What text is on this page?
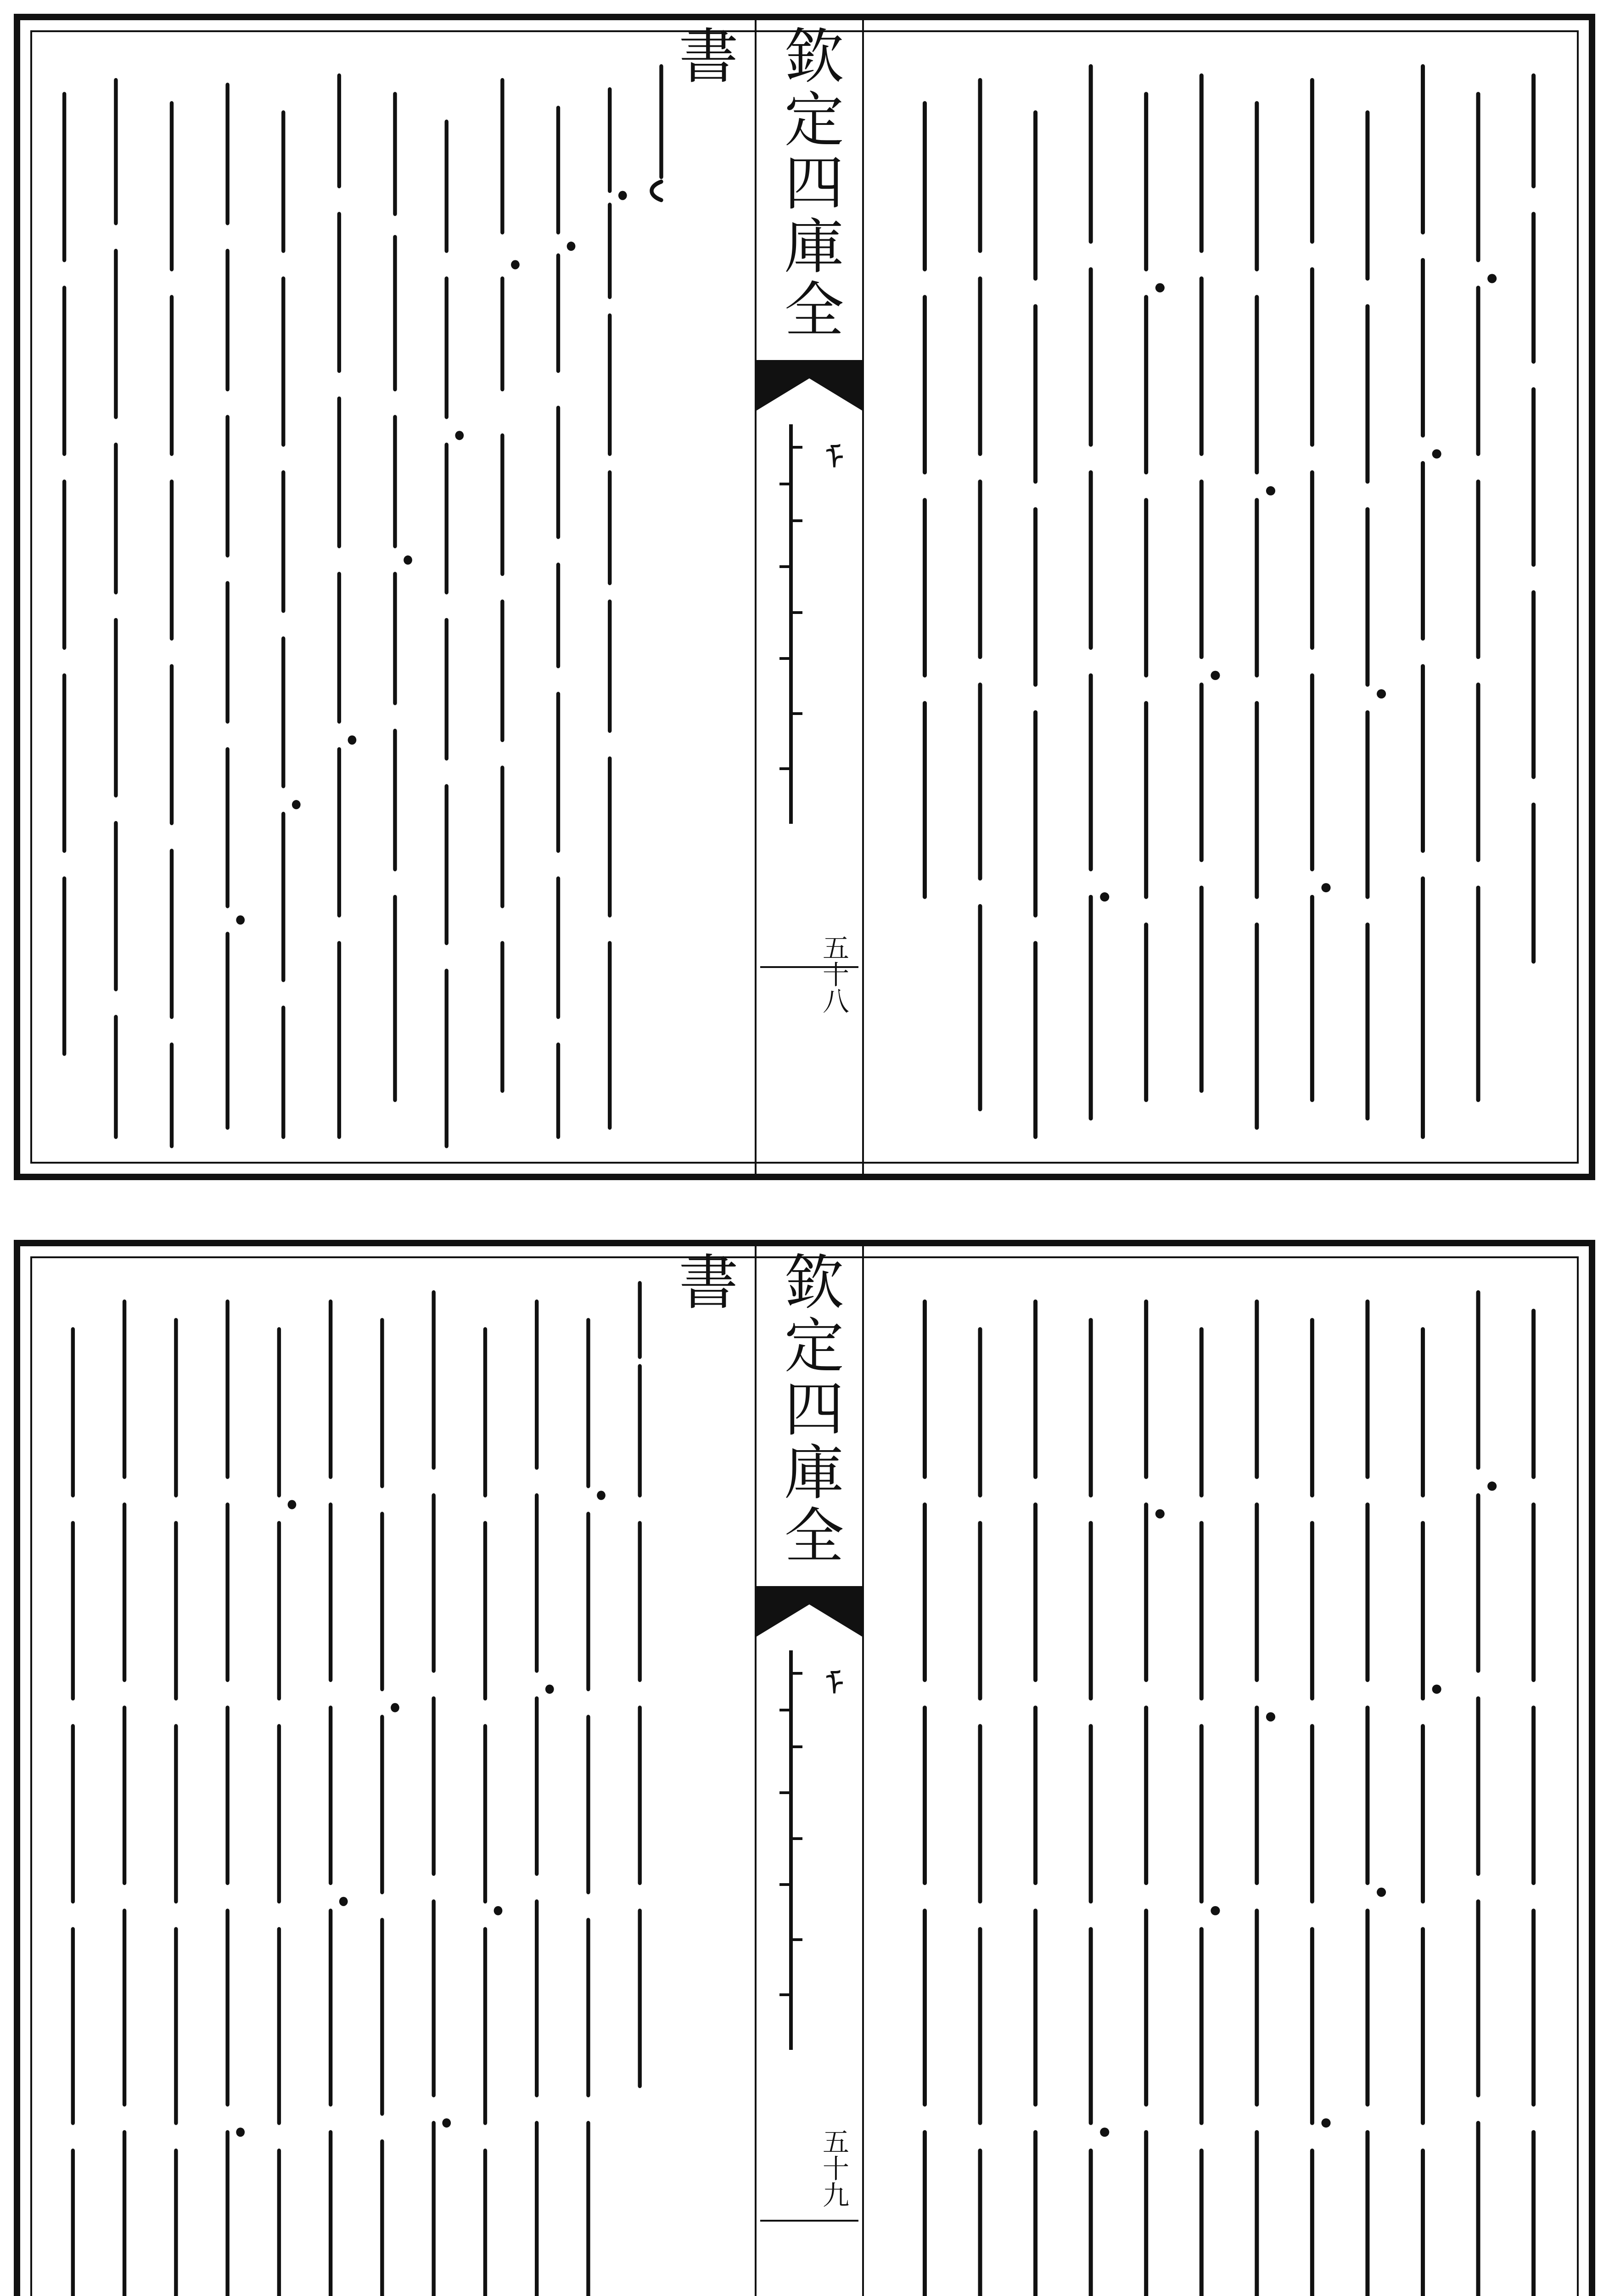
欽定四庫全書
ᠮ
五十八
欽定四庫全書
ᠮ
五十九
